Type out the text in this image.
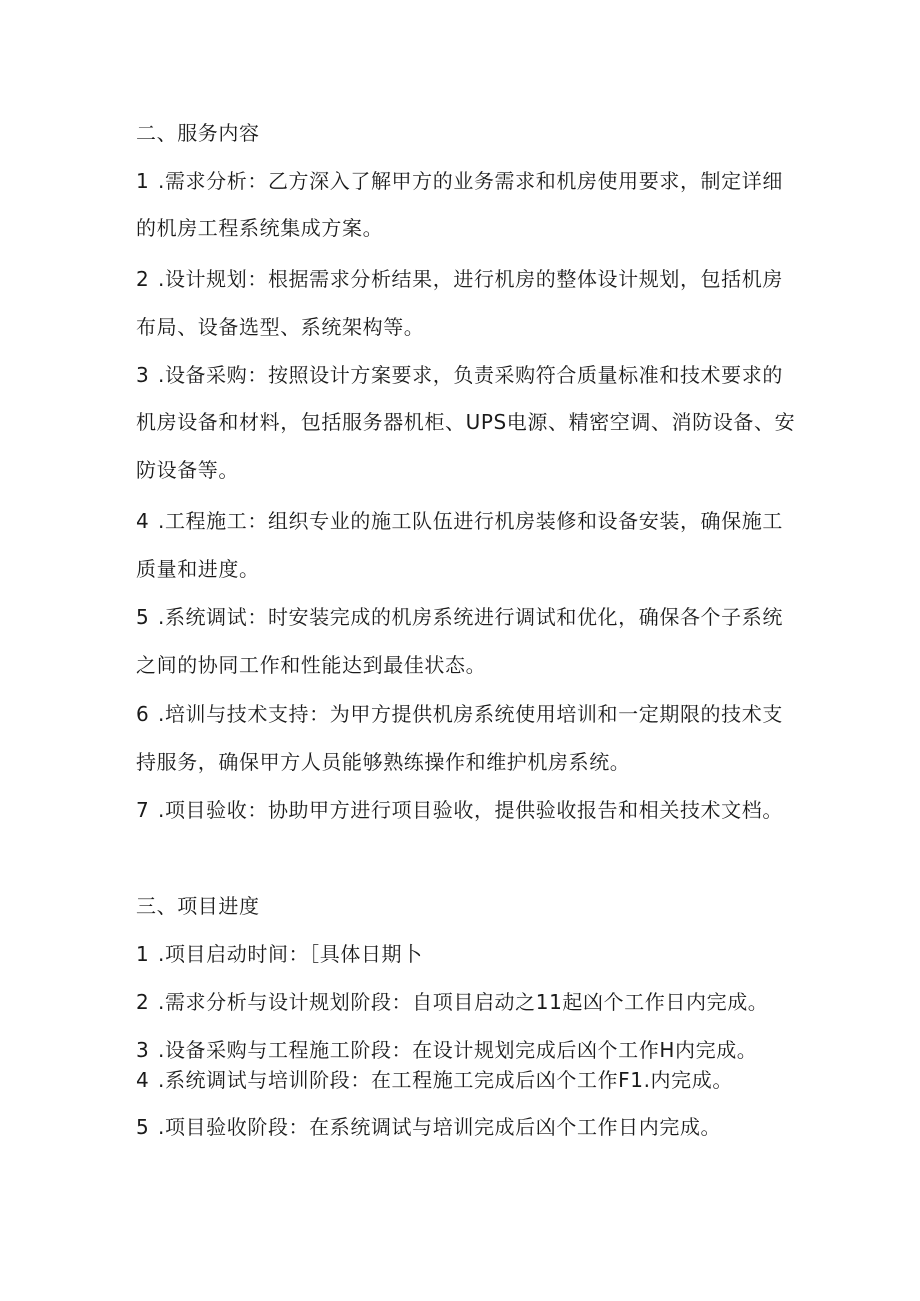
二、服务内容
1 .需求分析：乙方深入了解甲方的业务需求和机房使用要求，制定详细
的机房工程系统集成方案。
2 .设计规划：根据需求分析结果，进行机房的整体设计规划，包括机房
布局、设备选型、系统架构等。
3 .设备采购：按照设计方案要求，负责采购符合质量标准和技术要求的
机房设备和材料，包括服务器机柜、UPS电源、精密空调、消防设备、安
防设备等。
4 .工程施工：组织专业的施工队伍进行机房装修和设备安装，确保施工
质量和进度。
5 .系统调试：时安装完成的机房系统进行调试和优化，确保各个子系统
之间的协同工作和性能达到最佳状态。
6 .培训与技术支持：为甲方提供机房系统使用培训和一定期限的技术支
持服务，确保甲方人员能够熟练操作和维护机房系统。
7 .项目验收：协助甲方进行项目验收，提供验收报告和相关技术文档。
三、项目进度
1 .项目启动时间：［具体日期卜
2 .需求分析与设计规划阶段：自项目启动之11起凶个工作日内完成。
3 .设备采购与工程施工阶段：在设计规划完成后凶个工作H内完成。
4 .系统调试与培训阶段：在工程施工完成后凶个工作F1.内完成。
5 .项目验收阶段：在系统调试与培训完成后凶个工作日内完成。
